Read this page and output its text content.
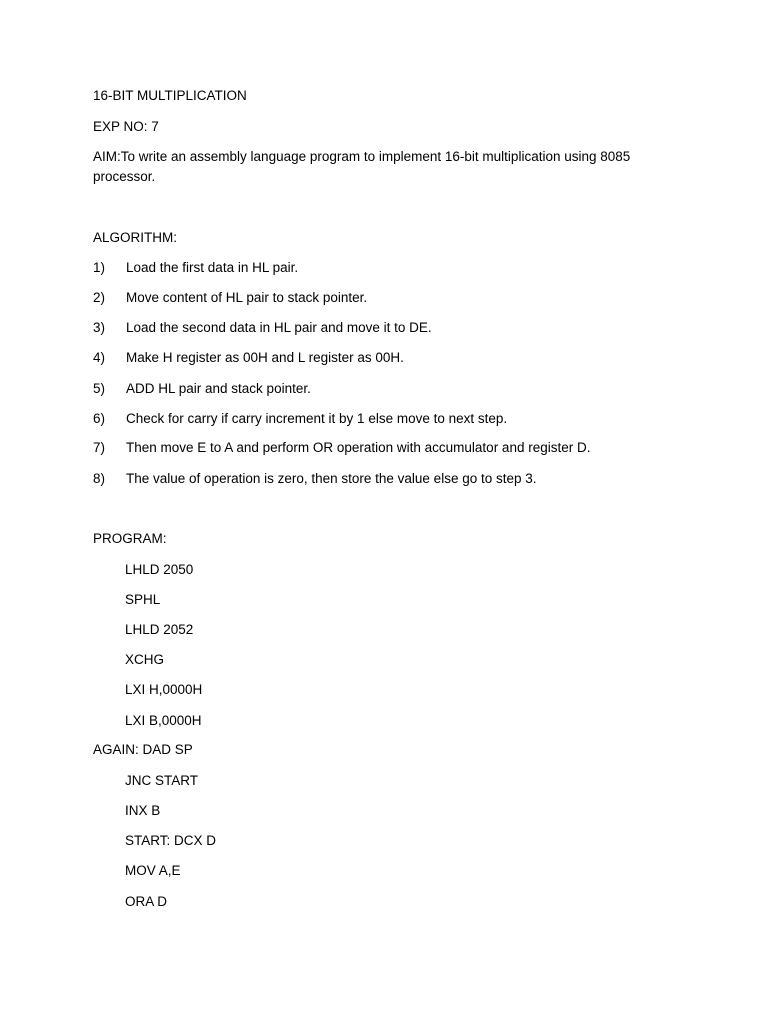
16-BIT MULTIPLICATION
EXP NO: 7
AIM:To write an assembly language program to implement 16-bit multiplication using 8085 processor.
ALGORITHM:
1) Load the first data in HL pair.
2) Move content of HL pair to stack pointer.
3) Load the second data in HL pair and move it to DE.
4) Make H register as 00H and L register as 00H.
5) ADD HL pair and stack pointer.
6) Check for carry if carry increment it by 1 else move to next step.
7) Then move E to A and perform OR operation with accumulator and register D.
8) The value of operation is zero, then store the value else go to step 3.
PROGRAM:
LHLD 2050
SPHL
LHLD 2052
XCHG
LXI H,0000H
LXI B,0000H
AGAIN: DAD SP
JNC START
INX B
START: DCX D
MOV A,E
ORA D
